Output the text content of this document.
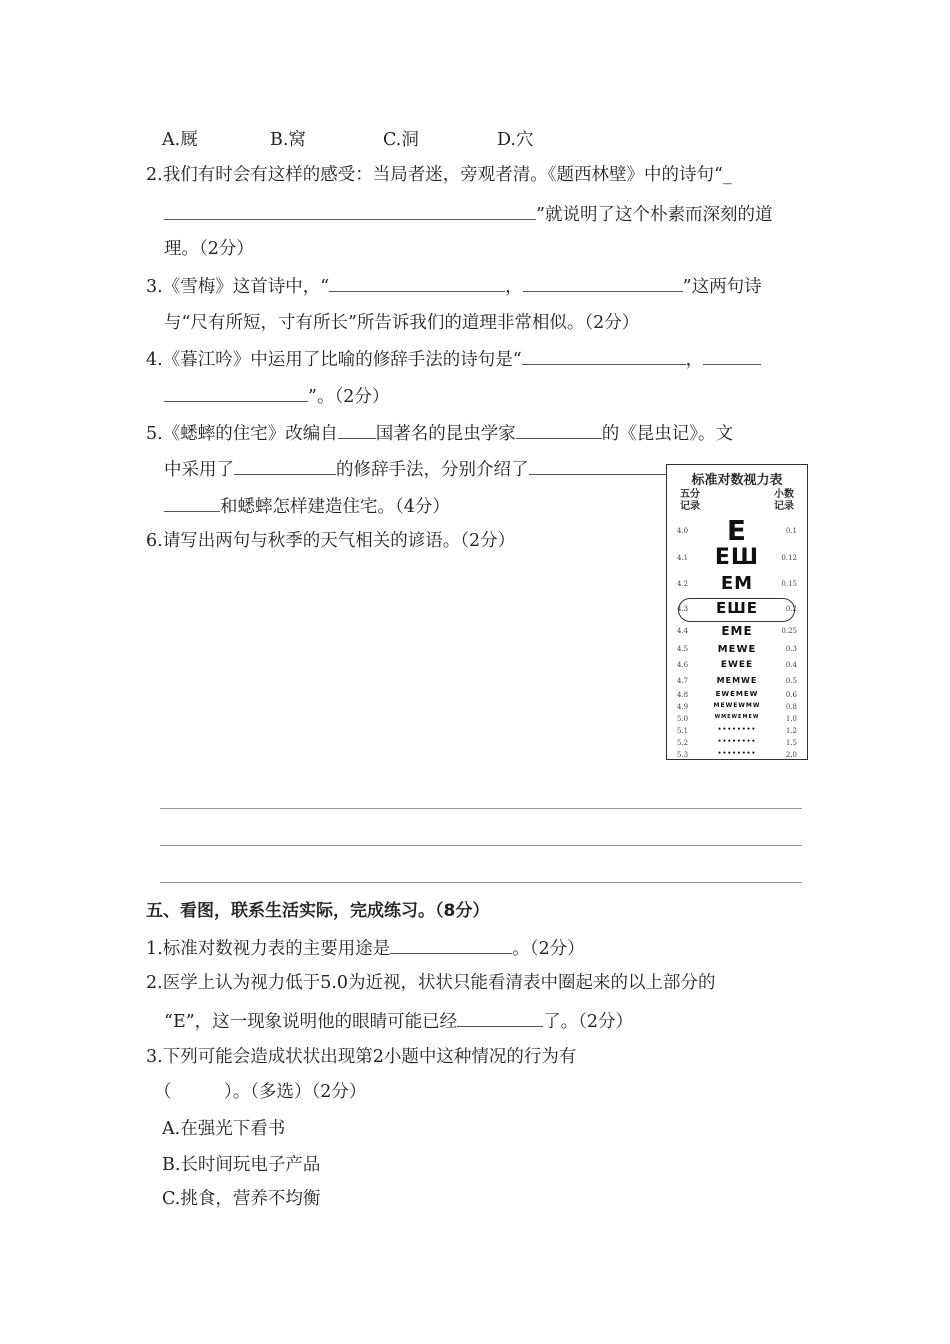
A.厩	B.窝	C.洞	D.穴
2.我们有时会有这样的感受：当局者迷，旁观者清。《题西林壁》中的诗句“_
”就说明了这个朴素而深刻的道
理。（2分）
3.《雪梅》这首诗中，“	，	”这两句诗
与“尺有所短，寸有所长”所告诉我们的道理非常相似。（2分）
4.《暮江吟》中运用了比喻的修辞手法的诗句是“	，
”。（2分）
5.《蟋蟀的住宅》改编自 国著名的昆虫学家	的《昆虫记》。文
中采用了	的修辞手法，分别介绍了
和蟋蟀怎样建造住宅。（4分）
6.请写出两句与秋季的天气相关的谚语。（2分）
标准对数视力表
五分
记录
小数
记录
4.0	E	0.1
4.1	ЕШ	0.12
4.2	EM	0.15
4.3	ЕШE	0.2
4.4	EMЕ	0.25
4.5	MEWE	0.3
4.6	EWЕЕ	0.4
4.7	MEMWE	0.5
4.8	ЕWEMЕW	0.6
4.9	MEWEWMW	0.8
5.0	WMEWEMEW	1.0
5.1	••••••••	1.2
5.2	••••••••	1.5
5.3	••••••••	2.0
五、看图，联系生活实际，完成练习。（8分）
1.标准对数视力表的主要用途是	。（2分）
2.医学上认为视力低于5.0为近视，状状只能看清表中圈起来的以上部分的
“E”，这一现象说明他的眼睛可能已经	了。（2分）
3.下列可能会造成状状出现第2小题中这种情况的行为有
（　　　）。（多选）（2分）
A.在强光下看书
B.长时间玩电子产品
C.挑食，营养不均衡
